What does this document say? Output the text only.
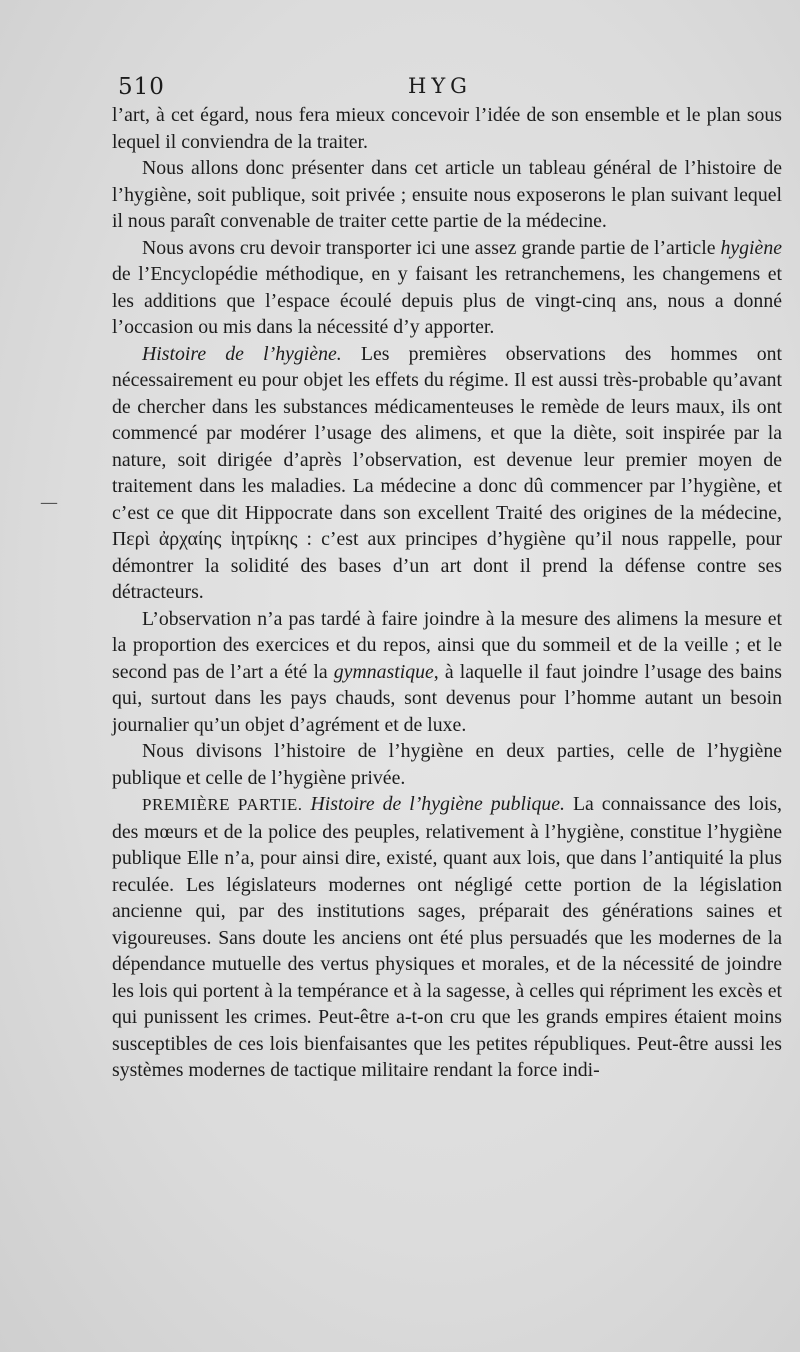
510	HYG

l’art, à cet égard, nous fera mieux concevoir l’idée de son ensemble et le plan sous lequel il conviendra de la traiter.

Nous allons donc présenter dans cet article un tableau général de l’histoire de l’hygiène, soit publique, soit privée ; ensuite nous exposerons le plan suivant lequel il nous paraît convenable de traiter cette partie de la médecine.

Nous avons cru devoir transporter ici une assez grande partie de l’article hygiène de l’Encyclopédie méthodique, en y faisant les retranchemens, les changemens et les additions que l’espace écoulé depuis plus de vingt-cinq ans, nous a donné l’occasion ou mis dans la nécessité d’y apporter.

Histoire de l’hygiène. Les premières observations des hommes ont nécessairement eu pour objet les effets du régime. Il est aussi très-probable qu’avant de chercher dans les substances médicamenteuses le remède de leurs maux, ils ont commencé par modérer l’usage des alimens, et que la diète, soit inspirée par la nature, soit dirigée d’après l’observation, est devenue leur premier moyen de traitement dans les maladies. La médecine a donc dû commencer par l’hygiène, et c’est ce que dit Hippocrate dans son excellent Traité des origines de la médecine, Περὶ ἀρχαίης ἰητρίκης : c’est aux principes d’hygiène qu’il nous rappelle, pour démontrer la solidité des bases d’un art dont il prend la défense contre ses détracteurs.

L’observation n’a pas tardé à faire joindre à la mesure des alimens la mesure et la proportion des exercices et du repos, ainsi que du sommeil et de la veille ; et le second pas de l’art a été la gymnastique, à laquelle il faut joindre l’usage des bains qui, surtout dans les pays chauds, sont devenus pour l’homme autant un besoin journalier qu’un objet d’agrément et de luxe.

Nous divisons l’histoire de l’hygiène en deux parties, celle de l’hygiène publique et celle de l’hygiène privée.

PREMIÈRE PARTIE. Histoire de l’hygiène publique. La connaissance des lois, des mœurs et de la police des peuples, relativement à l’hygiène, constitue l’hygiène publique Elle n’a, pour ainsi dire, existé, quant aux lois, que dans l’antiquité la plus reculée. Les législateurs modernes ont négligé cette portion de la législation ancienne qui, par des institutions sages, préparait des générations saines et vigoureuses. Sans doute les anciens ont été plus persuadés que les modernes de la dépendance mutuelle des vertus physiques et morales, et de la nécessité de joindre les lois qui portent à la tempérance et à la sagesse, à celles qui répriment les excès et qui punissent les crimes. Peut-être a-t-on cru que les grands empires étaient moins susceptibles de ces lois bienfaisantes que les petites républiques. Peut-être aussi les systèmes modernes de tactique militaire rendant la force indi-

—
